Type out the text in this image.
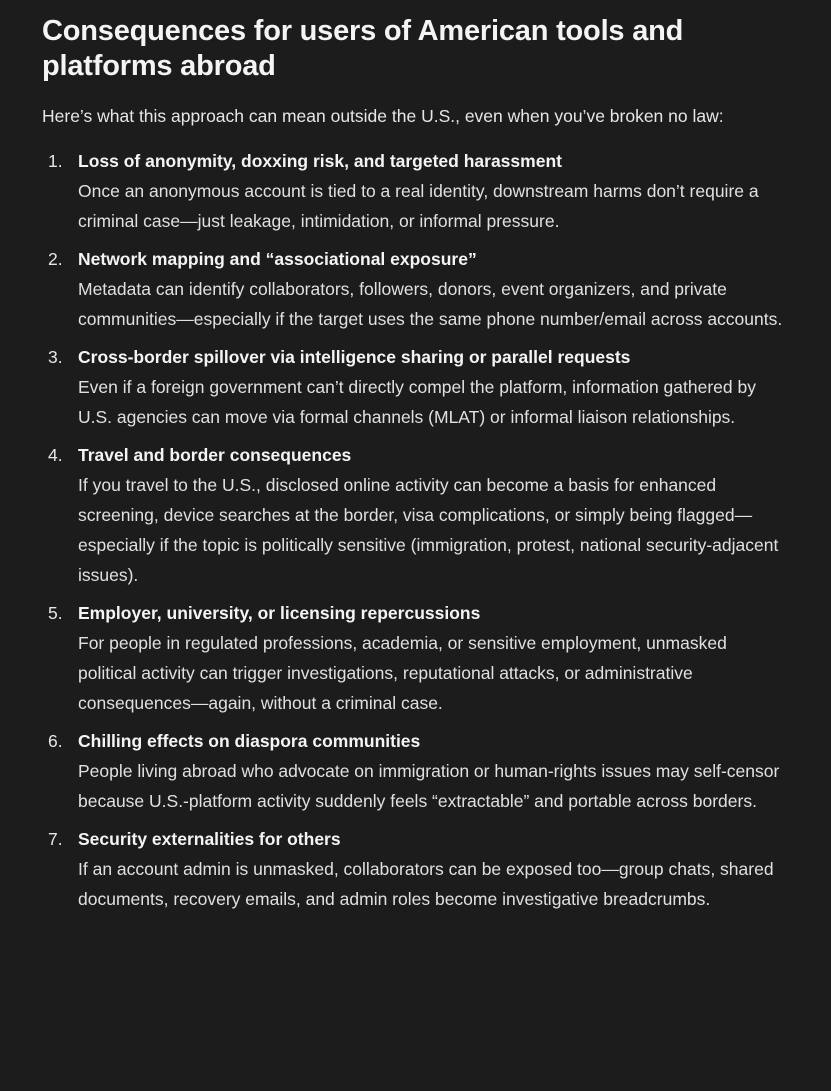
Consequences for users of American tools and platforms abroad

Here’s what this approach can mean outside the U.S., even when you’ve broken no law:

1. Loss of anonymity, doxxing risk, and targeted harassment
Once an anonymous account is tied to a real identity, downstream harms don’t require a criminal case—just leakage, intimidation, or informal pressure.
2. Network mapping and “associational exposure”
Metadata can identify collaborators, followers, donors, event organizers, and private communities—especially if the target uses the same phone number/email across accounts.
3. Cross-border spillover via intelligence sharing or parallel requests
Even if a foreign government can’t directly compel the platform, information gathered by U.S. agencies can move via formal channels (MLAT) or informal liaison relationships.
4. Travel and border consequences
If you travel to the U.S., disclosed online activity can become a basis for enhanced screening, device searches at the border, visa complications, or simply being flagged—especially if the topic is politically sensitive (immigration, protest, national security-adjacent issues).
5. Employer, university, or licensing repercussions
For people in regulated professions, academia, or sensitive employment, unmasked political activity can trigger investigations, reputational attacks, or administrative consequences—again, without a criminal case.
6. Chilling effects on diaspora communities
People living abroad who advocate on immigration or human-rights issues may self-censor because U.S.-platform activity suddenly feels “extractable” and portable across borders.
7. Security externalities for others
If an account admin is unmasked, collaborators can be exposed too—group chats, shared documents, recovery emails, and admin roles become investigative breadcrumbs.
